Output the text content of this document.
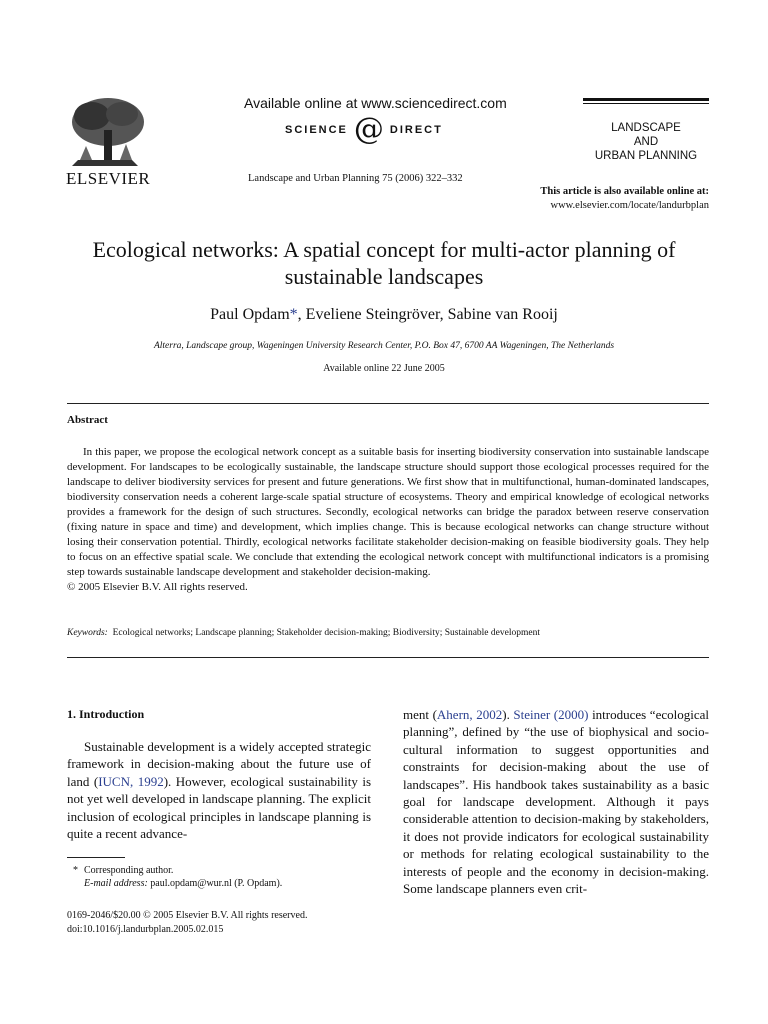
ELSEVIER
Available online at www.sciencedirect.com
SCIENCE @ DIRECT
Landscape and Urban Planning 75 (2006) 322–332
LANDSCAPE
AND
URBAN PLANNING
This article is also available online at:
www.elsevier.com/locate/landurbplan
Ecological networks: A spatial concept for multi-actor planning of sustainable landscapes
Paul Opdam*, Eveliene Steingröver, Sabine van Rooij
Alterra, Landscape group, Wageningen University Research Center, P.O. Box 47, 6700 AA Wageningen, The Netherlands
Available online 22 June 2005
Abstract
In this paper, we propose the ecological network concept as a suitable basis for inserting biodiversity conservation into sustainable landscape development. For landscapes to be ecologically sustainable, the landscape structure should support those ecological processes required for the landscape to deliver biodiversity services for present and future generations. We first show that in multifunctional, human-dominated landscapes, biodiversity conservation needs a coherent large-scale spatial structure of ecosystems. Theory and empirical knowledge of ecological networks provides a framework for the design of such structures. Secondly, ecological networks can bridge the paradox between reserve conservation (fixing nature in space and time) and development, which implies change. This is because ecological networks can change structure without losing their conservation potential. Thirdly, ecological networks facilitate stakeholder decision-making on feasible biodiversity goals. They help to focus on an effective spatial scale. We conclude that extending the ecological network concept with multifunctional indicators is a promising step towards sustainable landscape development and stakeholder decision-making.
© 2005 Elsevier B.V. All rights reserved.
Keywords: Ecological networks; Landscape planning; Stakeholder decision-making; Biodiversity; Sustainable development
1. Introduction
Sustainable development is a widely accepted strategic framework in decision-making about the future use of land (IUCN, 1992). However, ecological sustainability is not yet well developed in landscape planning. The explicit inclusion of ecological principles in landscape planning is quite a recent advance-
ment (Ahern, 2002). Steiner (2000) introduces “ecological planning”, defined by “the use of biophysical and socio-cultural information to suggest opportunities and constraints for decision-making about the use of landscapes”. His handbook takes sustainability as a basic goal for landscape development. Although it pays considerable attention to decision-making by stakeholders, it does not provide indicators for ecological sustainability or methods for relating ecological sustainability to the interests of people and the economy in decision-making. Some landscape planners even crit-
* Corresponding author.
E-mail address: paul.opdam@wur.nl (P. Opdam).
0169-2046/$20.00 © 2005 Elsevier B.V. All rights reserved.
doi:10.1016/j.landurbplan.2005.02.015
